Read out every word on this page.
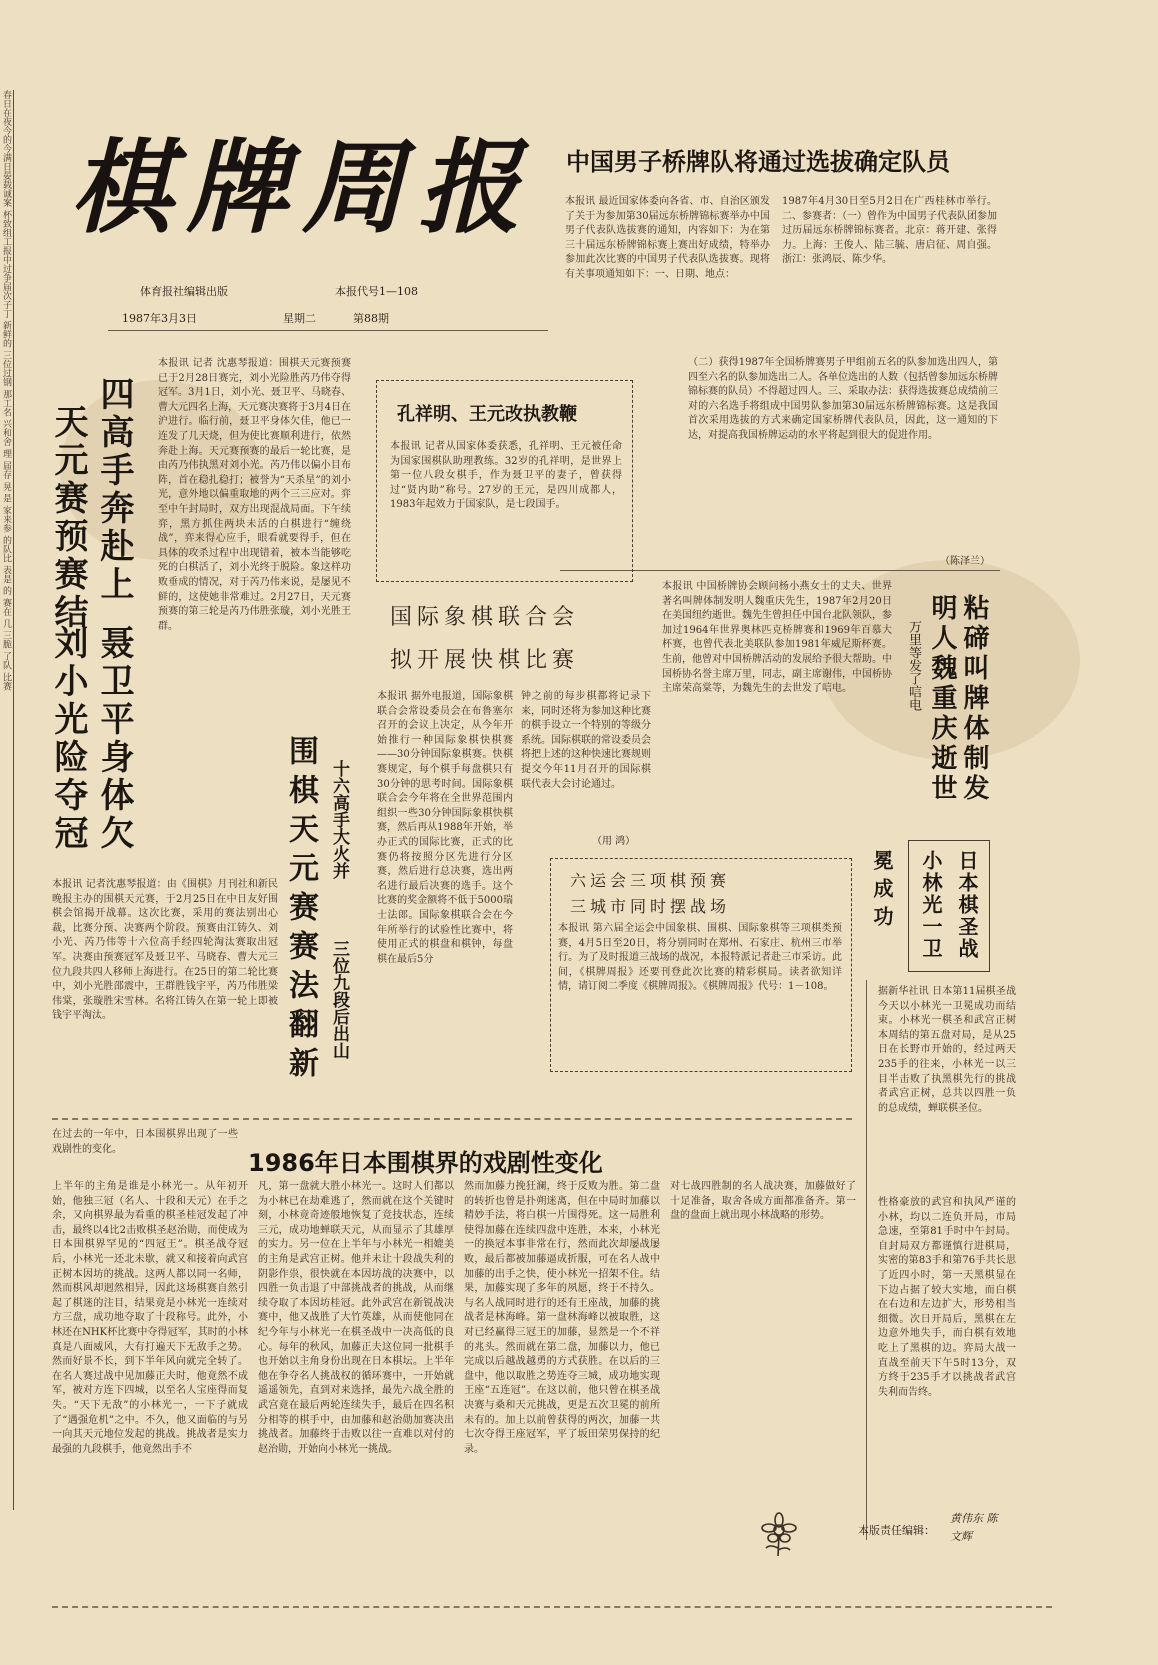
春日在夜今的今满日晏载诚案 杯致组工报中过争届次子丁 新鲜的 三位过钢 那工名 兴和舍 理 届存 晃 是 家来参 的队比 表是 的 赛在 几 三脆 了队 比赛 棋牌周报
体育报社编辑出版	本报代号1—108
1987年3月3日	星期二	第88期
中国男子桥牌队将通过选拔确定队员
本报讯 最近国家体委向各省、市、自治区颁发了关于为参加第30届远东桥牌锦标赛举办中国男子代表队选拔赛的通知，内容如下：为在第三十届远东桥牌锦标赛上赛出好成绩，特举办参加此次比赛的中国男子代表队选拔赛。现将有关事项通知如下：一、日期、地点：
1987年4月30日至5月2日在广西桂林市举行。二、参赛者：（一）曾作为中国男子代表队团参加过历届远东桥牌锦标赛者。北京：蒋开建、张得力。上海：王俊人、陆三毓、唐启征、周自强。浙江：张鸿辰、陈少华。
（二）获得1987年全国桥牌赛男子甲组前五名的队参加选出四人，第四至六名的队参加选出二人。各单位选出的人数（包括曾参加远东桥牌锦标赛的队员）不得超过四人。三、采取办法：获得选拔赛总成绩前三对的六名选手将组成中国男队参加第30届远东桥牌锦标赛。这是我国首次采用选拔的方式来确定国家桥牌代表队员，因此，这一通知的下达，对提高我国桥牌运动的水平将起到很大的促进作用。
（陈泽兰）
四高手奔赴上
天元赛预赛结
聂卫平身体欠
刘小光险夺冠
本报讯 记者 沈惠琴报道：围棋天元赛预赛已于2月28日赛完，刘小光险胜芮乃伟夺得冠军。3月1日，刘小光、聂卫平、马晓春、曹大元四名上海，天元赛决赛将于3月4日在沪进行。临行前，聂卫平身体欠佳，他已一连发了几天烧，但为使比赛顺利进行，依然奔赴上海。天元赛预赛的最后一轮比赛，是由芮乃伟执黑对刘小光。芮乃伟以偏小目布阵，首在稳扎稳打；被誉为“天杀星”的刘小光，意外地以偏重取地的两个三三应对。弈至中午封局时，双方出现混战局面。下午续弈，黑方抓住两块未活的白棋进行“缠绕战”，弈来得心应手，眼看就要得手，但在具体的攻杀过程中出现错着，被本当能够吃死的白棋活了，刘小光终于脱险。象这样功败垂成的情况，对于芮乃伟来说，是屡见不鲜的，这使她非常难过。2月27日，天元赛预赛的第三轮是芮乃伟胜张璇，刘小光胜王群。
孔祥明、王元改执教鞭
本报讯 记者从国家体委获悉，孔祥明、王元被任命为国家围棋队助理教练。32岁的孔祥明，是世界上第一位八段女棋手，作为聂卫平的妻子，曾获得过“贤内助”称号。27岁的王元，是四川成都人，1983年起效力于国家队，是七段国手。
国际象棋联合会
拟开展快棋比赛
本报讯 据外电报道，国际象棋联合会常设委员会在布鲁塞尔召开的会议上决定，从今年开始推行一种国际象棋快棋赛——30分钟国际象棋赛。快棋赛规定，每个棋手每盘棋只有30分钟的思考时间。国际象棋联合会今年将在全世界范围内组织一些30分钟国际象棋快棋赛，然后再从1988年开始，举办正式的国际比赛，正式的比赛仍将按照分区先进行分区赛，然后进行总决赛，选出两名进行最后决赛的选手。这个比赛的奖金额将不低于5000瑞士法郎。国际象棋联合会在今年所举行的试验性比赛中，将使用正式的棋盘和棋钟，每盘棋在最后5分
钟之前的每步棋都将记录下来，同时还将为参加这种比赛的棋手设立一个特别的等级分系统。国际棋联的常设委员会将把上述的这种快速比赛规则提交今年11月召开的国际棋联代表大会讨论通过。
（用 鸿）
粘碲叫牌体制发
明人魏重庆逝世
万里等发了唁电
本报讯 中国桥牌协会顾问杨小燕女士的丈夫、世界著名叫牌体制发明人魏重庆先生，1987年2月20日在美国纽约逝世。魏先生曾担任中国台北队领队，参加过1964年世界奥林匹克桥牌赛和1969年百慕大杯赛，也曾代表北美联队参加1981年威尼斯杯赛。生前，他曾对中国桥牌活动的发展给予很大帮助。中国桥协名誉主席万里，同志，副主席谢伟，中国桥协主席荣高棠等，为魏先生的去世发了唁电。
围棋天元赛赛法翻新 十六高手大火并
三位九段后出山
本报讯 记者沈惠琴报道：由《围棋》月刊社和新民晚报主办的围棋天元赛，于2月25日在中日友好围棋会馆揭开战幕。这次比赛，采用的赛法别出心裁，比赛分预、决赛两个阶段。预赛由江铸久、刘小光、芮乃伟等十六位高手经四轮淘汰赛取出冠军。决赛由预赛冠军及聂卫平、马晓春、曹大元三位九段共四人移师上海进行。在25日的第二轮比赛中，刘小光胜邵震中，王群胜钱宇平，芮乃伟胜梁伟棠，张璇胜宋雪林。名将江铸久在第一轮上即被钱宇平淘汰。
六运会三项棋预赛
三城市同时摆战场
本报讯 第六届全运会中国象棋、围棋、国际象棋等三项棋类预赛，4月5日至20日，将分别同时在郑州、石家庄、杭州三市举行。为了及时报道三战场的战况，本报特派记者赴三市采访。此间，《棋牌周报》还要刊登此次比赛的精彩棋局。读者欲知详情，请订阅二季度《棋牌周报》。《棋牌周报》代号：1－108。
日本棋圣战
小林光一卫
冕成功
据新华社讯 日本第11届棋圣战今天以小林光一卫冕成功而结束。小林光一棋圣和武宫正树本周结的第五盘对局，是从25日在长野市开始的，经过两天235手的往来，小林光一以三目半击败了执黑棋先行的挑战者武宫正树，总共以四胜一负的总成绩，蝉联棋圣位。
性格豪放的武宫和执风严谨的小林，均以二连负开局，市局急速，至第81手时中午封局。自封局双方都谨慎行进棋局，实密的第83手和第76手共长思了近四小时，第一天黑棋显在下边占据了较大实地，而白棋在右边和左边扩大，形势相当细微。次日开局后，黑棋在左边意外地失手，而白棋有效地吃上了黑棋的边。弈局大战一直战至前天下午5时13分，双方终于235手才以挑战者武宫失利而告终。
1986年日本围棋界的戏剧性变化
在过去的一年中，日本围棋界出现了一些戏剧性的变化。
上半年的主角是谁是小林光一。从年初开始，他独三冠（名人、十段和天元）在手之余，又向棋界最为看重的棋圣桂冠发起了冲击，最终以4比2击败棋圣赵治勋，而使成为日本围棋界罕见的“四冠王”。棋圣战夺冠后，小林光一还北未歇，就又和接着向武宫正树本因坊的挑战。这两人都以同一名师，然而棋风却迥然相异，因此这场棋赛自然引起了棋迷的注目，结果竟是小林光一连续对方三盘，成功地夺取了十段称号。此外，小林还在NHK杯比赛中夺得冠军，其时的小林真是八面威风，大有打遍天下无敌手之势。然而好景不长，到下半年风向就完全转了。在名人赛过战中见加藤正夫时，他竟然不成军，被对方连下四城，以至名人宝座得而复失。“天下无敌”的小林光一，一下子就成了“遇强危机”之中。不久，他又面临的与另一向其天元地位发起的挑战。挑战者是实力最强的九段棋手，他竟然出手不
凡，第一盘就大胜小林光一。这时人们都以为小林已在劫难逃了，然而就在这个关键时刻，小林竟奇迹般地恢复了竞技状态，连续三元，成功地蝉联天元，从而显示了其雄厚的实力。另一位在上半年与小林光一相媲美的主角是武宫正树。他并未让十段战失利的阴影作祟，很快就在本因坊战的决赛中，以四胜一负击退了中部挑战者的挑战，从而继续夺取了本因坊桂冠。此外武宫在新锐战决赛中，他又战胜了大竹英雄，从而使他同在纪今年与小林光一在棋圣战中一决高低的良心。每年的秋风，加藤正夫这位同一批棋手也开始以主角身份出现在日本棋坛。上半年他在争夺名人挑战权的循环赛中，一开始就遥遥领先，直到对来选择，最先六战全胜的武宫竟在最后两轮连续失手，最后在四名积分相等的棋手中，由加藤和赵治勋加赛决出挑战者。加藤终于击败以往一直难以对付的赵治勋，开始向小林光一挑战。
然而加藤力挽狂澜，终于反败为胜。第二盘的转折也曾是扑朔迷离，但在中局时加藤以精妙手法，将白棋一片围得死。这一局胜利使得加藤在连续四盘中连胜，本来，小林光一的换冠本事非常在行，然而此次却屡战屡败，最后都被加藤逼成折服，可在名人战中加藤的出手之快，使小林光一招架不住。结果，加藤实现了多年的夙愿，终于不持久。与名人战同时进行的还有王座战，加藤的挑战者是林海峰。第一盘林海峰以被取胜，这对已经赢得三冠王的加藤，显然是一个不祥的兆头。然而就在第二盘，加藤以力，他已完成以后越战越勇的方式获胜。在以后的三盘中，他以取胜之势连夺三城，成功地实现王座“五连冠”。在这以前，他只曾在棋圣战决赛与桑和天元挑战，更是五次卫冕的前所未有的。加上以前曾获得的两次，加藤一共七次夺得王座冠军，平了坂田荣男保持的纪录。
对七战四胜制的名人战决赛，加藤做好了十足准备，取舍各成方面都准备齐。第一盘的盘面上就出现小林战略的形势。
本版责任编辑：
黄伟东 陈文辉
